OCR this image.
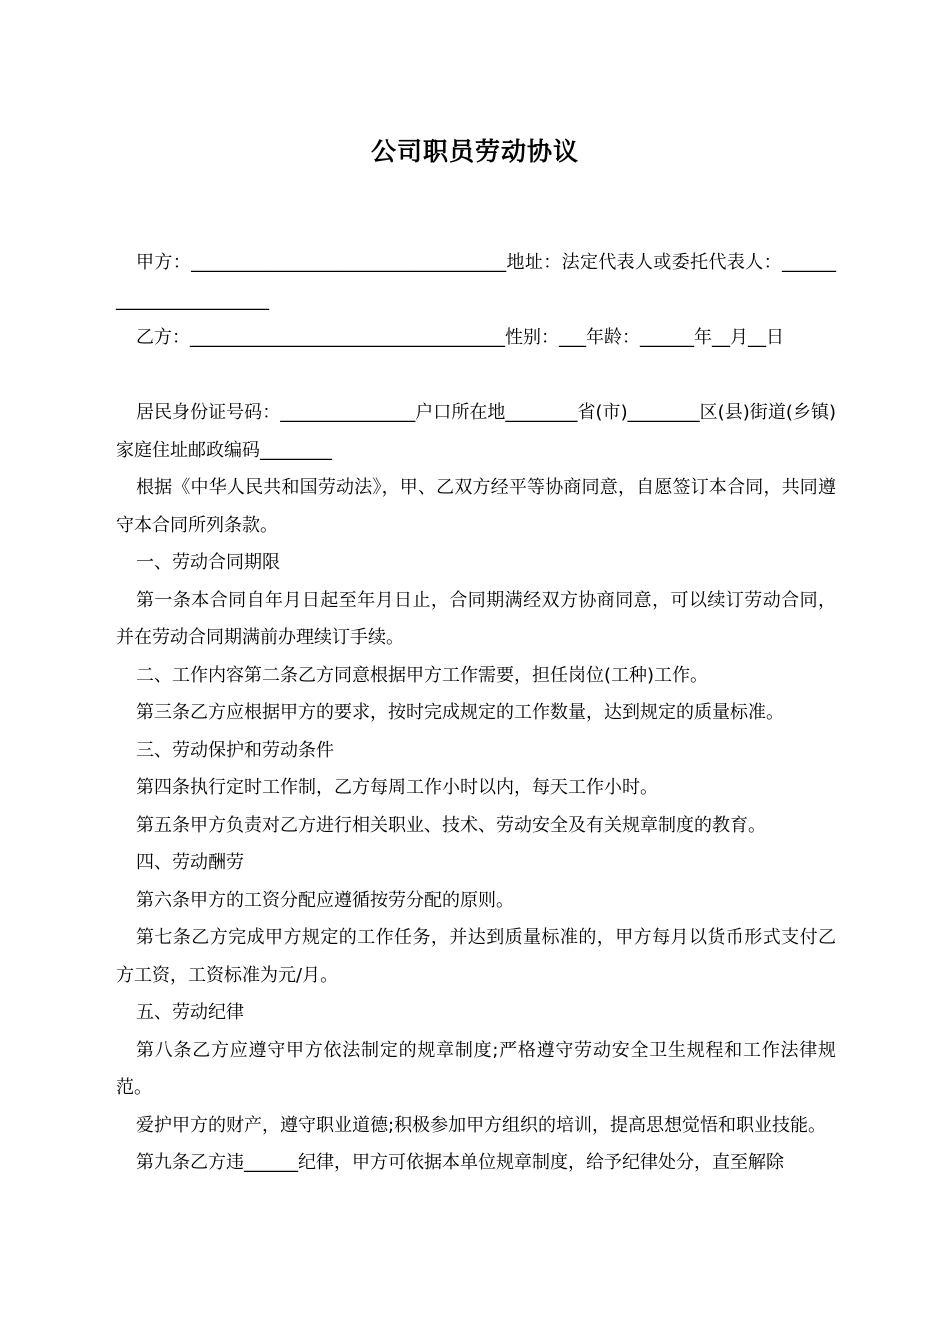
公司职员劳动协议

甲方：___________________________________地址：法定代表人或委托代表人：_______________________

乙方：___________________________________性别：___年龄：______年__月__日

居民身份证号码：_______________户口所在地________省(市)________区(县)街道(乡镇)家庭住址邮政编码________

根据《中华人民共和国劳动法》，甲、乙双方经平等协商同意，自愿签订本合同，共同遵守本合同所列条款。

一、劳动合同期限

第一条本合同自年月日起至年月日止，合同期满经双方协商同意，可以续订劳动合同，并在劳动合同期满前办理续订手续。

二、工作内容第二条乙方同意根据甲方工作需要，担任岗位(工种)工作。

第三条乙方应根据甲方的要求，按时完成规定的工作数量，达到规定的质量标准。

三、劳动保护和劳动条件

第四条执行定时工作制，乙方每周工作小时以内，每天工作小时。

第五条甲方负责对乙方进行相关职业、技术、劳动安全及有关规章制度的教育。

四、劳动酬劳

第六条甲方的工资分配应遵循按劳分配的原则。

第七条乙方完成甲方规定的工作任务，并达到质量标准的，甲方每月以货币形式支付乙方工资，工资标准为元/月。

五、劳动纪律

第八条乙方应遵守甲方依法制定的规章制度;严格遵守劳动安全卫生规程和工作法律规范。

爱护甲方的财产，遵守职业道德;积极参加甲方组织的培训，提高思想觉悟和职业技能。

第九条乙方违______纪律，甲方可依据本单位规章制度，给予纪律处分，直至解除
